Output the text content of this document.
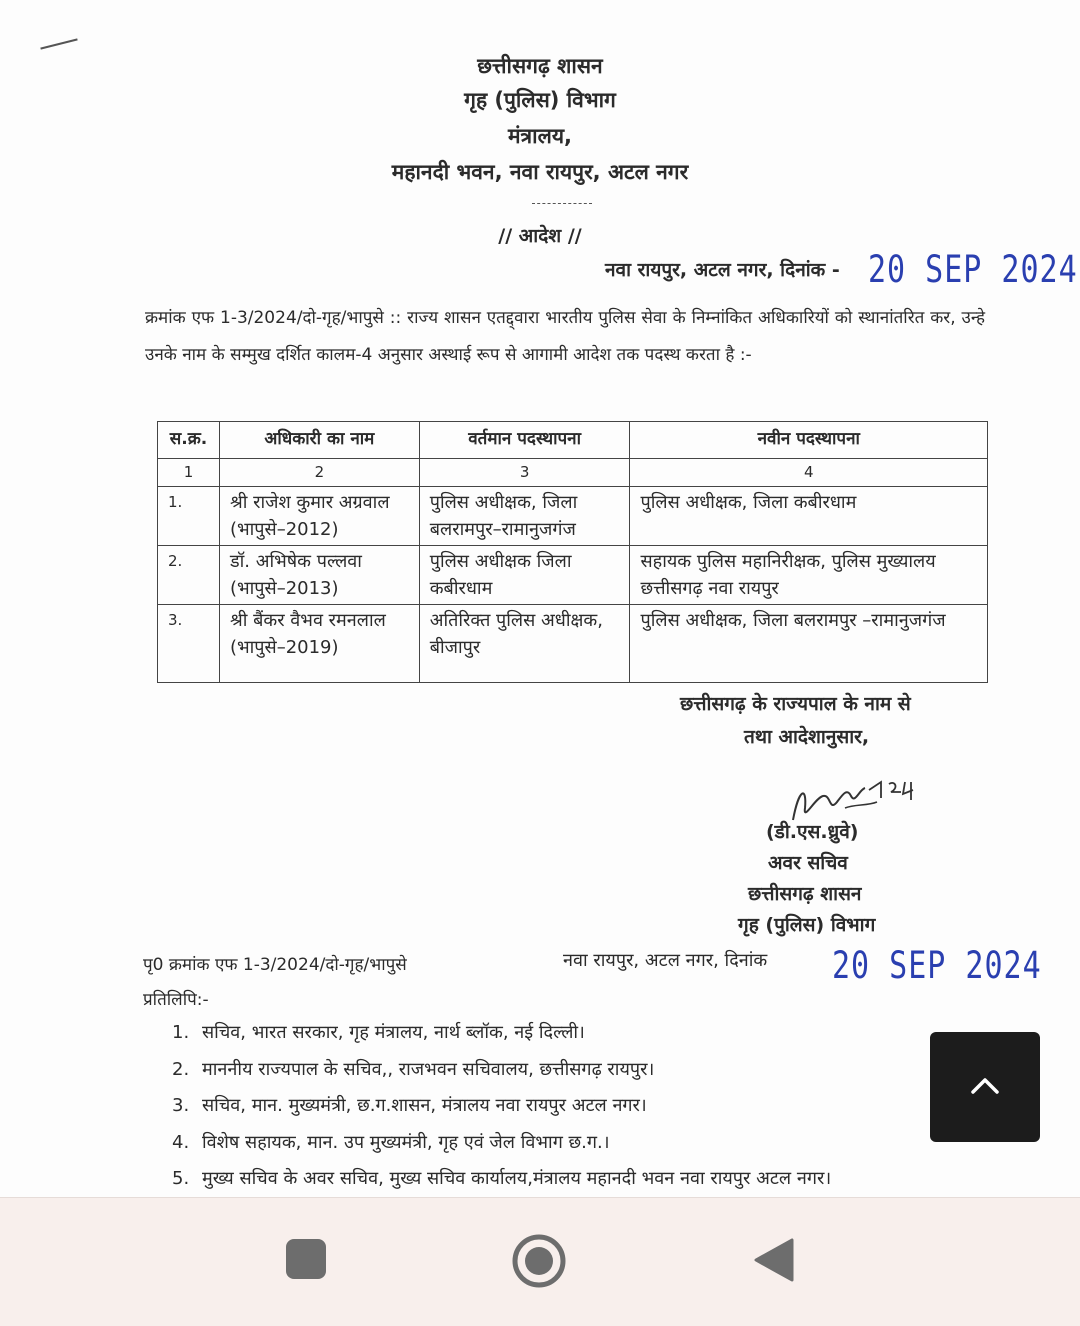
छत्तीसगढ़ शासन
गृह (पुलिस) विभाग
मंत्रालय,
महानदी भवन, नवा रायपुर, अटल नगर
// आदेश //
नवा रायपुर, अटल नगर, दिनांक - 20 SEP 2024
क्रमांक एफ 1-3/2024/दो-गृह/भापुसे :: राज्य शासन एतद्द्वारा भारतीय पुलिस सेवा के निम्नांकित अधिकारियों को स्थानांतरित कर, उन्हे उनके नाम के सम्मुख दर्शित कालम-4 अनुसार अस्थाई रूप से आगामी आदेश तक पदस्थ करता है :-
स.क्र.	अधिकारी का नाम	वर्तमान पदस्थापना	नवीन पदस्थापना
1	2	3	4
1.	श्री राजेश कुमार अग्रवाल (भापुसे–2012)	पुलिस अधीक्षक, जिला बलरामपुर–रामानुजगंज	पुलिस अधीक्षक, जिला कबीरधाम
2.	डॉ. अभिषेक पल्लवा (भापुसे–2013)	पुलिस अधीक्षक जिला कबीरधाम	सहायक पुलिस महानिरीक्षक, पुलिस मुख्यालय छत्तीसगढ़ नवा रायपुर
3.	श्री बैंकर वैभव रमनलाल (भापुसे–2019)	अतिरिक्त पुलिस अधीक्षक, बीजापुर	पुलिस अधीक्षक, जिला बलरामपुर –रामानुजगंज
छत्तीसगढ़ के राज्यपाल के नाम से
तथा आदेशानुसार,
(डी.एस.ध्रुवे)
अवर सचिव
छत्तीसगढ़ शासन
गृह (पुलिस) विभाग
पृ0 क्रमांक एफ 1-3/2024/दो-गृह/भापुसे	नवा रायपुर, अटल नगर, दिनांक 20 SEP 2024
प्रतिलिपि:-
1. सचिव, भारत सरकार, गृह मंत्रालय, नार्थ ब्लॉक, नई दिल्ली।
2. माननीय राज्यपाल के सचिव,, राजभवन सचिवालय, छत्तीसगढ़ रायपुर।
3. सचिव, मान. मुख्यमंत्री, छ.ग.शासन, मंत्रालय नवा रायपुर अटल नगर।
4. विशेष सहायक, मान. उप मुख्यमंत्री, गृह एवं जेल विभाग छ.ग.।
5. मुख्य सचिव के अवर सचिव, मुख्य सचिव कार्यालय,मंत्रालय महानदी भवन नवा रायपुर अटल नगर।
